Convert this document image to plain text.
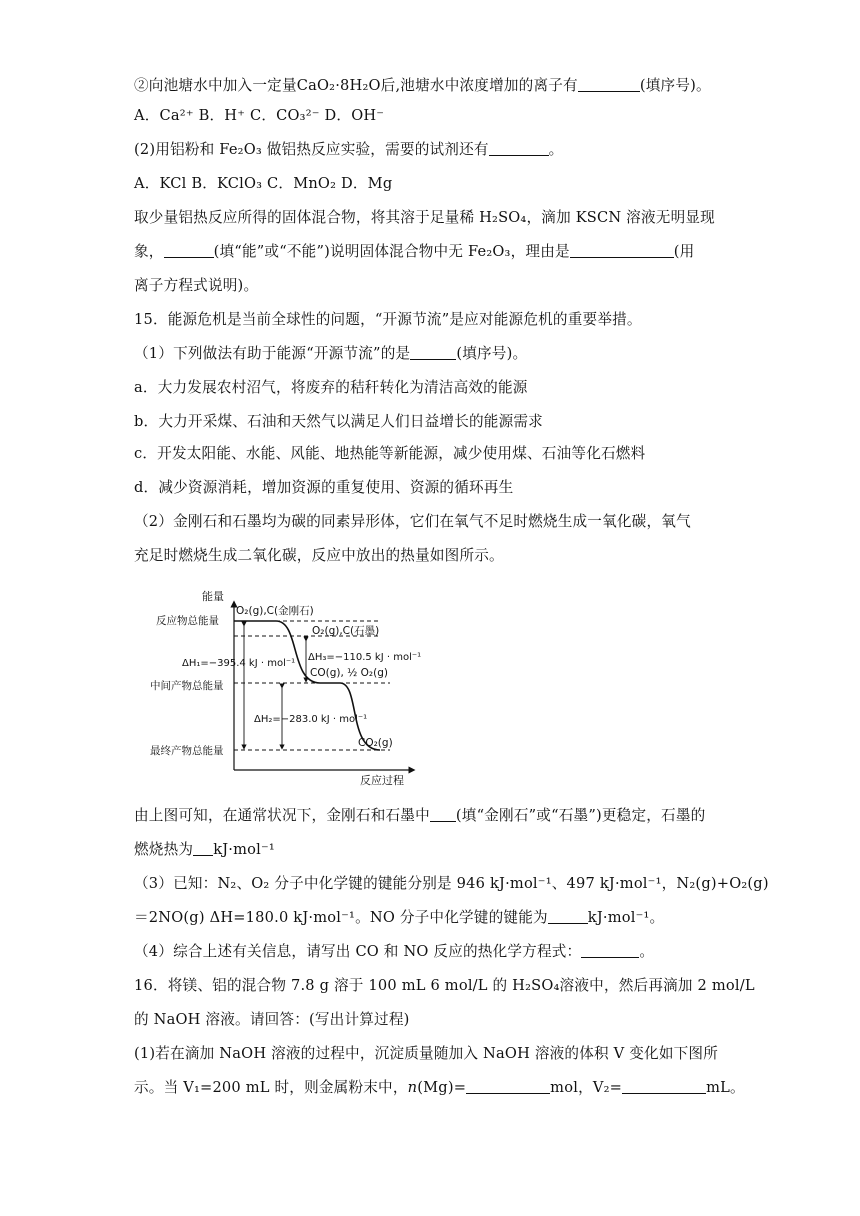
②向池塘水中加入一定量CaO₂·8H₂O后,池塘水中浓度增加的离子有	(填序号)。
A．Ca²⁺ B．H⁺ C．CO₃²⁻ D．OH⁻
(2)用铝粉和 Fe₂O₃ 做铝热反应实验，需要的试剂还有	。
A．KCl B．KClO₃ C．MnO₂ D．Mg
取少量铝热反应所得的固体混合物，将其溶于足量稀 H₂SO₄，滴加 KSCN 溶液无明显现
象，	(填“能”或“不能”)说明固体混合物中无 Fe₂O₃，理由是	(用
离子方程式说明)。
15．能源危机是当前全球性的问题，“开源节流”是应对能源危机的重要举措。
（1）下列做法有助于能源“开源节流”的是	(填序号)。
a．大力发展农村沼气，将废弃的秸秆转化为清洁高效的能源
b．大力开采煤、石油和天然气以满足人们日益增长的能源需求
c．开发太阳能、水能、风能、地热能等新能源，减少使用煤、石油等化石燃料
d．减少资源消耗，增加资源的重复使用、资源的循环再生
（2）金刚石和石墨均为碳的同素异形体，它们在氧气不足时燃烧生成一氧化碳，氧气
充足时燃烧生成二氧化碳，反应中放出的热量如图所示。
能量
反应过程
反应物总能量
中间产物总能量
最终产物总能量
O₂(g),C(金刚石)
O₂(g),C(石墨)
CO(g), ½ O₂(g)
CO₂(g)
ΔH₁=−395.4 kJ · mol⁻¹
ΔH₃=−110.5 kJ · mol⁻¹
ΔH₂=−283.0 kJ · mol⁻¹
由上图可知，在通常状况下，金刚石和石墨中 (填“金刚石”或“石墨”)更稳定，石墨的
燃烧热为 kJ·mol⁻¹
（3）已知：N₂、O₂ 分子中化学键的键能分别是 946 kJ·mol⁻¹、497 kJ·mol⁻¹，N₂(g)+O₂(g)
＝2NO(g) ΔH=180.0 kJ·mol⁻¹。NO 分子中化学键的键能为	kJ·mol⁻¹。
（4）综合上述有关信息，请写出 CO 和 NO 反应的热化学方程式：	。
16．将镁、铝的混合物 7.8 g 溶于 100 mL 6 mol/L 的 H₂SO₄溶液中，然后再滴加 2 mol/L
的 NaOH 溶液。请回答：(写出计算过程)
(1)若在滴加 NaOH 溶液的过程中，沉淀质量随加入 NaOH 溶液的体积 V 变化如下图所
示。当 V₁=200 mL 时，则金属粉末中，n(Mg)=	mol，V₂=	mL。
